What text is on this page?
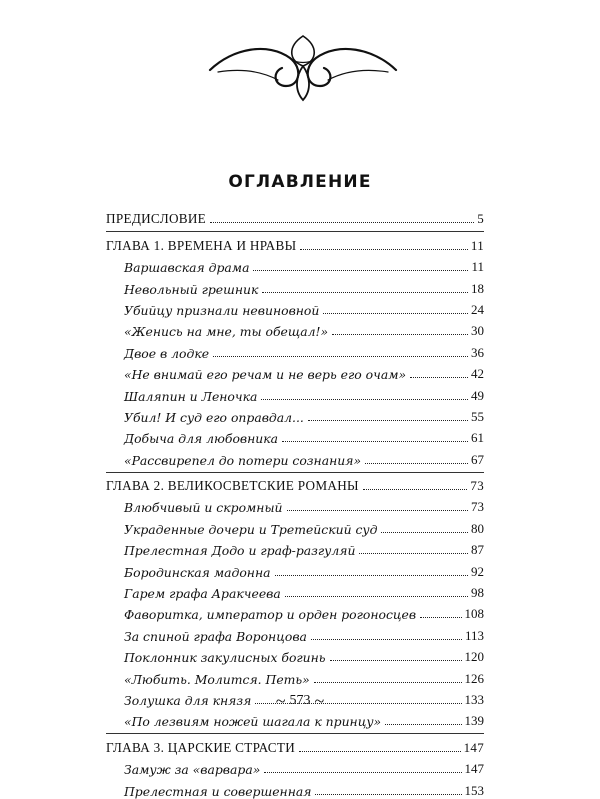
ОГЛАВЛЕНИЕ
ПРЕДИСЛОВИЕ	5
ГЛАВА 1. ВРЕМЕНА И НРАВЫ	11
Варшавская драма	11
Невольный грешник	18
Убийцу признали невиновной	24
«Женись на мне, ты обещал!»	30
Двое в лодке	36
«Не внимай его речам и не верь его очам»	42
Шаляпин и Леночка	49
Убил! И суд его оправдал...	55
Добыча для любовника	61
«Рассвирепел до потери сознания»	67
ГЛАВА 2. ВЕЛИКОСВЕТСКИЕ РОМАНЫ	73
Влюбчивый и скромный	73
Украденные дочери и Третейский суд	80
Прелестная Додо и граф-разгуляй	87
Бородинская мадонна	92
Гарем графа Аракчеева	98
Фаворитка, император и орден рогоносцев	108
За спиной графа Воронцова	113
Поклонник закулисных богинь	120
«Любить. Молится. Петь»	126
Золушка для князя	133
«По лезвиям ножей шагала к принцу»	139
ГЛАВА 3. ЦАРСКИЕ СТРАСТИ	147
Замуж за «варвара»	147
Прелестная и совершенная	153
~ 573 ~
